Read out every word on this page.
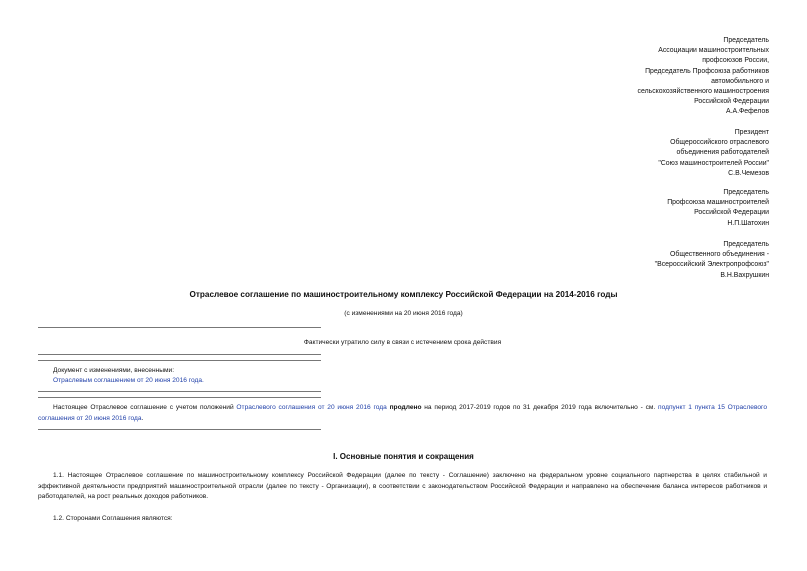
Председатель
Ассоциации машиностроительных
профсоюзов России,
Председатель Профсоюза работников
автомобильного и
сельскохозяйственного машиностроения
Российской Федерации
А.А.Фефелов
Президент
Общероссийского отраслевого
объединения работодателей
"Союз машиностроителей России"
С.В.Чемезов
Председатель
Профсоюза машиностроителей
Российской Федерации
Н.П.Шатохин
Председатель
Общественного объединения -
"Всероссийский Электропрофсоюз"
В.Н.Вахрушкин
Отраслевое соглашение по машиностроительному комплексу Российской Федерации на 2014-2016 годы
(с изменениями на 20 июня 2016 года)
Фактически утратило силу в связи с истечением срока действия
Документ с изменениями, внесенными:
Отраслевым соглашением от 20 июня 2016 года.
Настоящее Отраслевое соглашение с учетом положений Отраслевого соглашения от 20 июня 2016 года продлено на период 2017-2019 годов по 31 декабря 2019 года включительно - см. подпункт 1 пункта 15 Отраслевого соглашения от 20 июня 2016 года.
I. Основные понятия и сокращения
1.1. Настоящее Отраслевое соглашение по машиностроительному комплексу Российской Федерации (далее по тексту - Соглашение) заключено на федеральном уровне социального партнерства в целях стабильной и эффективной деятельности предприятий машиностроительной отрасли (далее по тексту - Организации), в соответствии с законодательством Российской Федерации и направлено на обеспечение баланса интересов работников и работодателей, на рост реальных доходов работников.
1.2. Сторонами Соглашения являются:
